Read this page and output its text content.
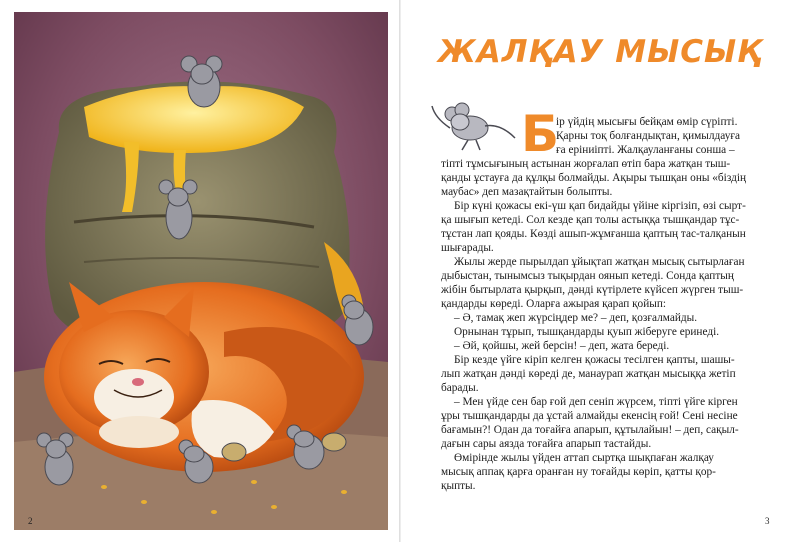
2
ЖАЛҚАУ МЫСЫҚ
Б
ір үйдің мысығы бейқам өмір сүріпті.
Қарны тоқ болғандықтан, қимылдауға
ға еріниіпті. Жалқауланғаны сонша –
тіпті тұмсығының астынан жорғалап өтіп бара жатқан тыш-
қанды ұстауға да құлқы болмайды. Ақыры тышқан оны «біздің
маубас» деп мазақтайтын болыпты.
Бір күні қожасы екі-үш қап бидайды үйіне кіргізіп, өзі сырт-
қа шығып кетеді. Сол кезде қап толы астыққа тышқандар тұс-
тұстан лап қояды. Көзді ашып-жұмғанша қаптың тас-талқанын
шығарады.
Жылы жерде пырылдап ұйықтап жатқан мысық сытырлаған
дыбыстан, тынымсыз тықырдан оянып кетеді. Сонда қаптың
жібін бытырлата қырқып, дәнді күтірлете күйсеп жүрген тыш-
қандарды көреді. Оларға ажырая қарап қойып:
– Ә, тамақ жеп жүрсіңдер ме? – деп, қозғалмайды.
Орнынан тұрып, тышқандарды қуып жіберуге еринеді.
– Әй, қойшы, жей берсін! – деп, жата береді.
Бір кезде үйге кіріп келген қожасы тесілген қапты, шашы-
лып жатқан дәнді көреді де, манаурап жатқан мысыққа жетіп
барады.
– Мен үйде сен бар ғой деп сеніп жүрсем, тіпті үйге кірген
ұры тышқандарды да ұстай алмайды екенсің ғой! Сені несіне
бағамын?! Одан да тоғайға апарып, құтылайын! – деп, сақыл-
дағын сары аязда тоғайға апарып тастайды.
Өмірінде жылы үйден аттап сыртқа шықпаған жалқау
мысық аппақ қарға оранған ну тоғайды көріп, қатты қор-
қыпты.
3
